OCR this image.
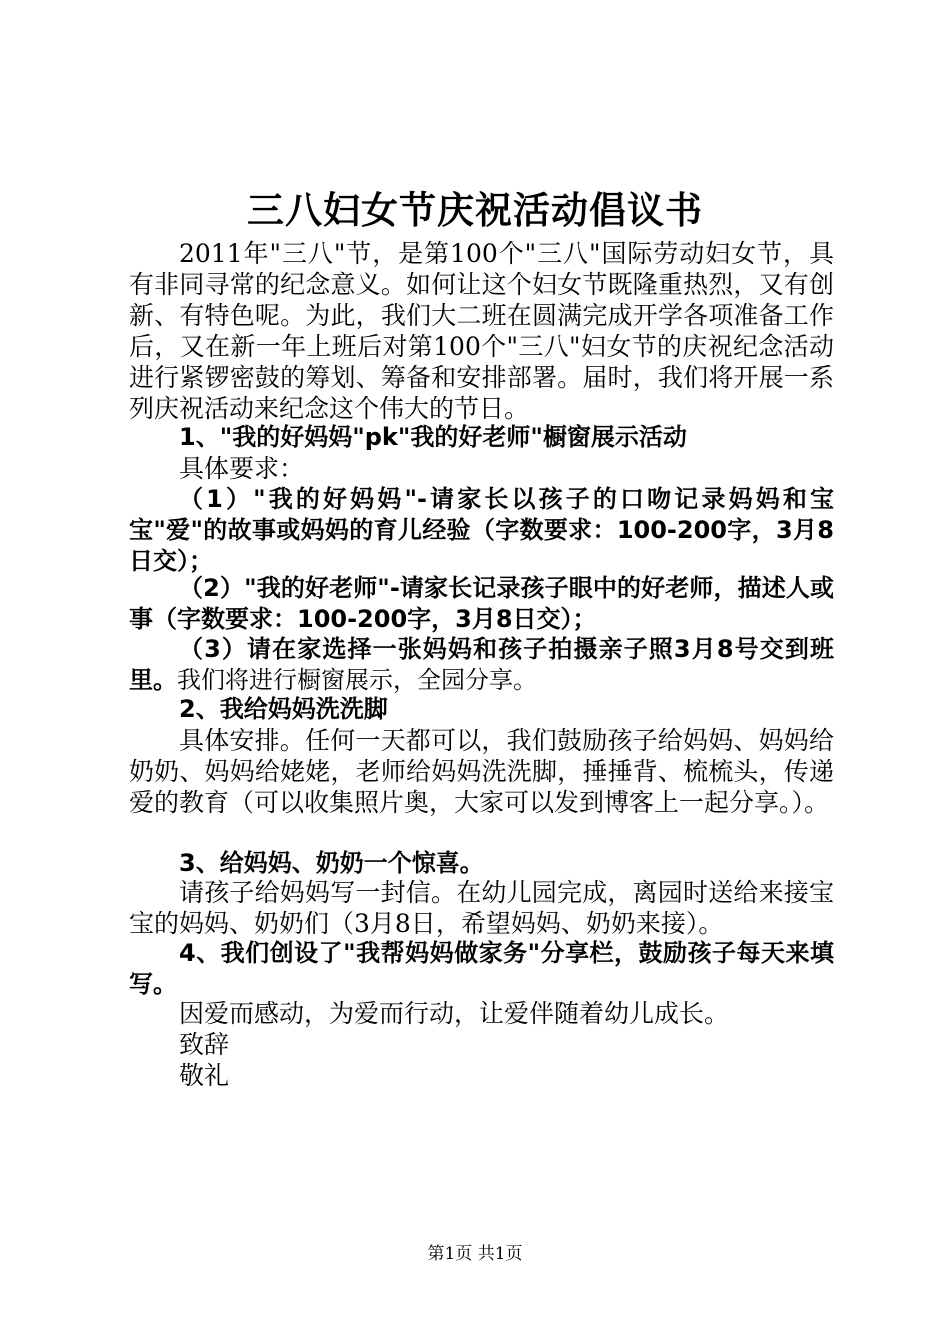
三八妇女节庆祝活动倡议书

2011年"三八"节，是第100个"三八"国际劳动妇女节，具有非同寻常的纪念意义。如何让这个妇女节既隆重热烈，又有创新、有特色呢。为此，我们大二班在圆满完成开学各项准备工作后，又在新一年上班后对第100个"三八"妇女节的庆祝纪念活动进行紧锣密鼓的筹划、筹备和安排部署。届时，我们将开展一系列庆祝活动来纪念这个伟大的节日。

1、"我的好妈妈"pk"我的好老师"橱窗展示活动

具体要求：

（1）"我的好妈妈"-请家长以孩子的口吻记录妈妈和宝宝"爱"的故事或妈妈的育儿经验（字数要求：100-200字，3月8日交）；

（2）"我的好老师"-请家长记录孩子眼中的好老师，描述人或事（字数要求：100-200字，3月8日交）；

（3）请在家选择一张妈妈和孩子拍摄亲子照3月8号交到班里。我们将进行橱窗展示，全园分享。

2、我给妈妈洗洗脚

具体安排。任何一天都可以，我们鼓励孩子给妈妈、妈妈给奶奶、妈妈给姥姥，老师给妈妈洗洗脚，捶捶背、梳梳头，传递爱的教育（可以收集照片奥，大家可以发到博客上一起分享。）。

3、给妈妈、奶奶一个惊喜。

请孩子给妈妈写一封信。在幼儿园完成，离园时送给来接宝宝的妈妈、奶奶们（3月8日，希望妈妈、奶奶来接）。

4、我们创设了"我帮妈妈做家务"分享栏，鼓励孩子每天来填写。

因爱而感动，为爱而行动，让爱伴随着幼儿成长。

致辞

敬礼

第1页 共1页
